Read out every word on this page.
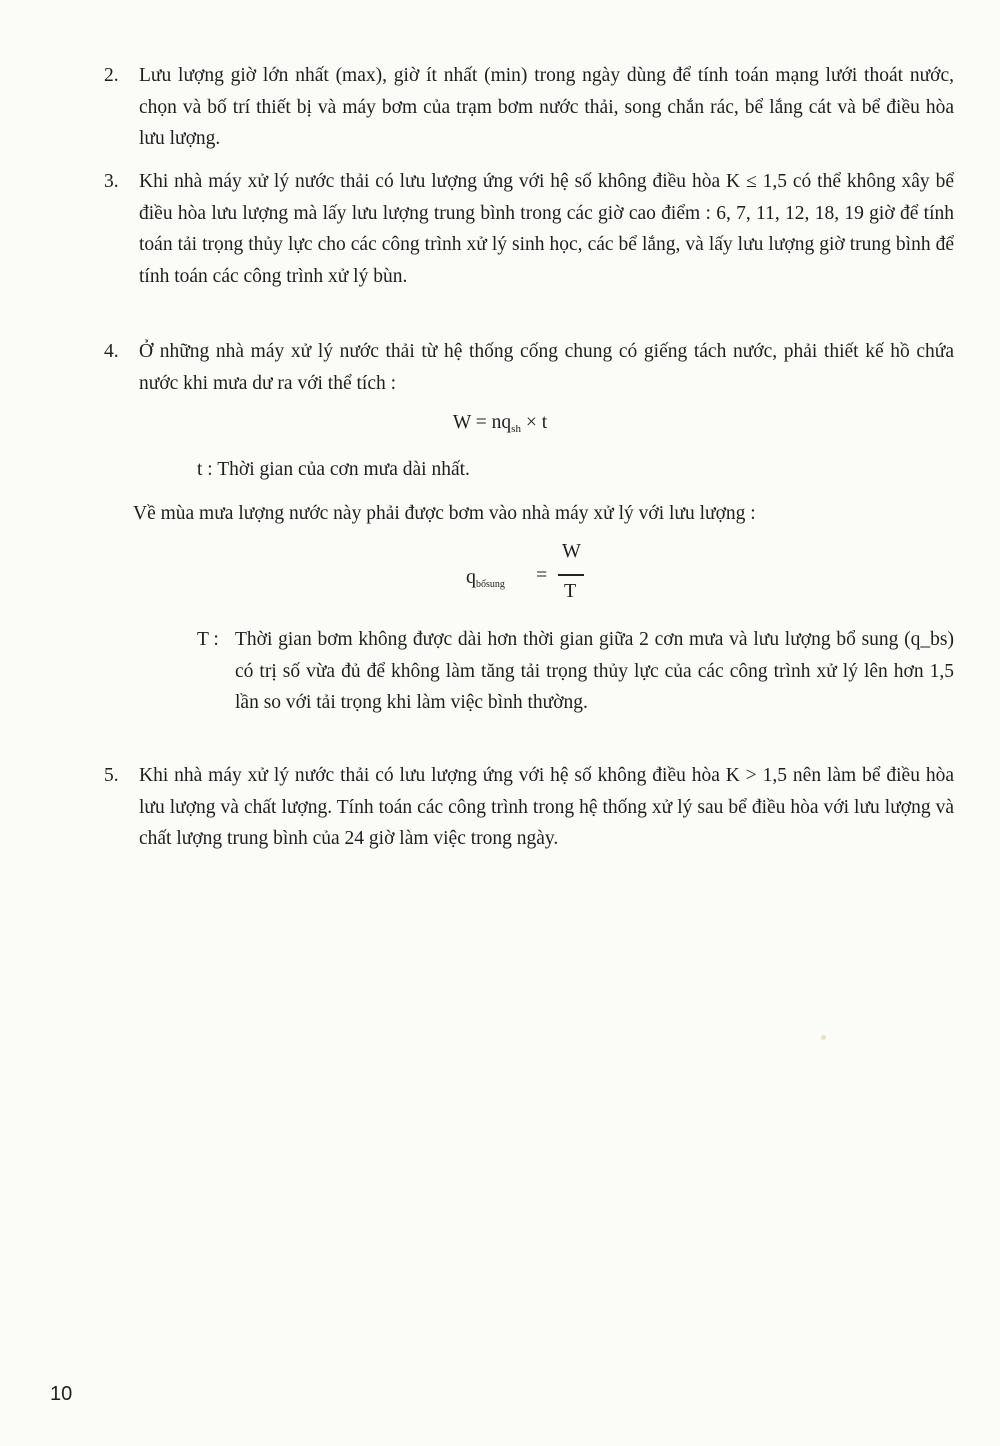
2. Lưu lượng giờ lớn nhất (max), giờ ít nhất (min) trong ngày dùng để tính toán mạng lưới thoát nước, chọn và bố trí thiết bị và máy bơm của trạm bơm nước thải, song chắn rác, bể lắng cát và bể điều hòa lưu lượng.
3. Khi nhà máy xử lý nước thải có lưu lượng ứng với hệ số không điều hòa K ≤ 1,5 có thể không xây bể điều hòa lưu lượng mà lấy lưu lượng trung bình trong các giờ cao điểm : 6, 7, 11, 12, 18, 19 giờ để tính toán tải trọng thủy lực cho các công trình xử lý sinh học, các bể lắng, và lấy lưu lượng giờ trung bình để tính toán các công trình xử lý bùn.
4. Ở những nhà máy xử lý nước thải từ hệ thống cống chung có giếng tách nước, phải thiết kế hồ chứa nước khi mưa dư ra với thể tích :
$W = nq_{sh} \times t$
t : Thời gian của cơn mưa dài nhất.
Về mùa mưa lượng nước này phải được bơm vào nhà máy xử lý với lưu lượng :
$q_{bổsung}$ =
W
T
T : Thời gian bơm không được dài hơn thời gian giữa 2 cơn mưa và lưu lượng bổ sung (q_bs) có trị số vừa đủ để không làm tăng tải trọng thủy lực của các công trình xử lý lên hơn 1,5 lần so với tải trọng khi làm việc bình thường.
5. Khi nhà máy xử lý nước thải có lưu lượng ứng với hệ số không điều hòa K > 1,5 nên làm bể điều hòa lưu lượng và chất lượng. Tính toán các công trình trong hệ thống xử lý sau bể điều hòa với lưu lượng và chất lượng trung bình của 24 giờ làm việc trong ngày.
10
